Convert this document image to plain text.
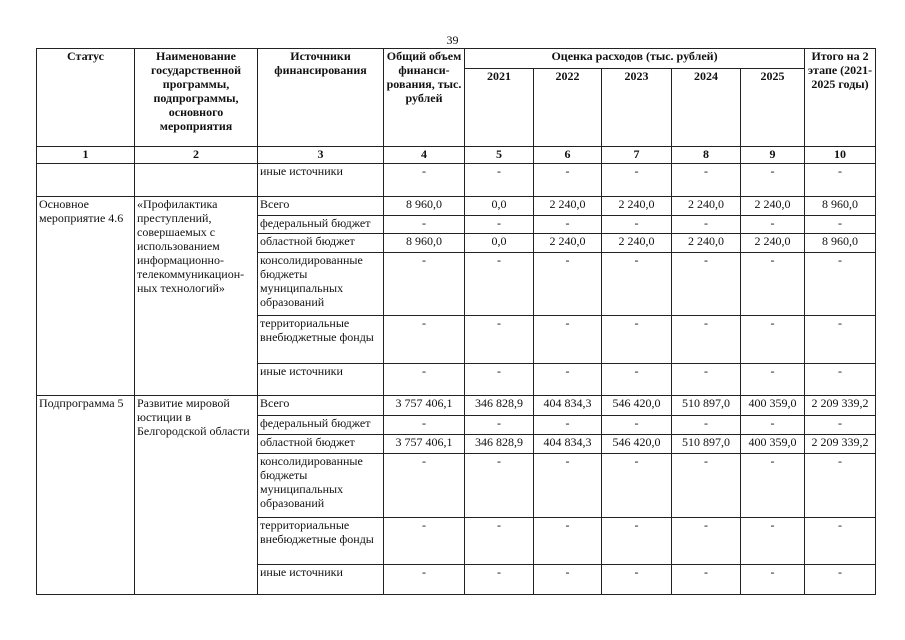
39
Статус	Наименование государственной программы, подпрограммы, основного мероприятия	Источники финансирования	Общий объем финанси-рования, тыс. рублей	Оценка расходов (тыс. рублей)					Итого на 2 этапе (2021-2025 годы)
				2021	2022	2023	2024	2025	
1	2	3	4	5	6	7	8	9	10
		иные источники	-	-	-	-	-	-	-
Основное мероприятие 4.6	«Профилактика преступлений, совершаемых с использованием информационно-телекоммуникацион-ных технологий»	Всего	8 960,0	0,0	2 240,0	2 240,0	2 240,0	2 240,0	8 960,0
		федеральный бюджет	-	-	-	-	-	-	-
		областной бюджет	8 960,0	0,0	2 240,0	2 240,0	2 240,0	2 240,0	8 960,0
		консолидированные бюджеты муниципальных образований	-	-	-	-	-	-	-
		территориальные внебюджетные фонды	-	-	-	-	-	-	-
		иные источники	-	-	-	-	-	-	-
Подпрограмма 5	Развитие мировой юстиции в Белгородской области	Всего	3 757 406,1	346 828,9	404 834,3	546 420,0	510 897,0	400 359,0	2 209 339,2
		федеральный бюджет	-	-	-	-	-	-	-
		областной бюджет	3 757 406,1	346 828,9	404 834,3	546 420,0	510 897,0	400 359,0	2 209 339,2
		консолидированные бюджеты муниципальных образований	-	-	-	-	-	-	-
		территориальные внебюджетные фонды	-	-	-	-	-	-	-
		иные источники	-	-	-	-	-	-	-
